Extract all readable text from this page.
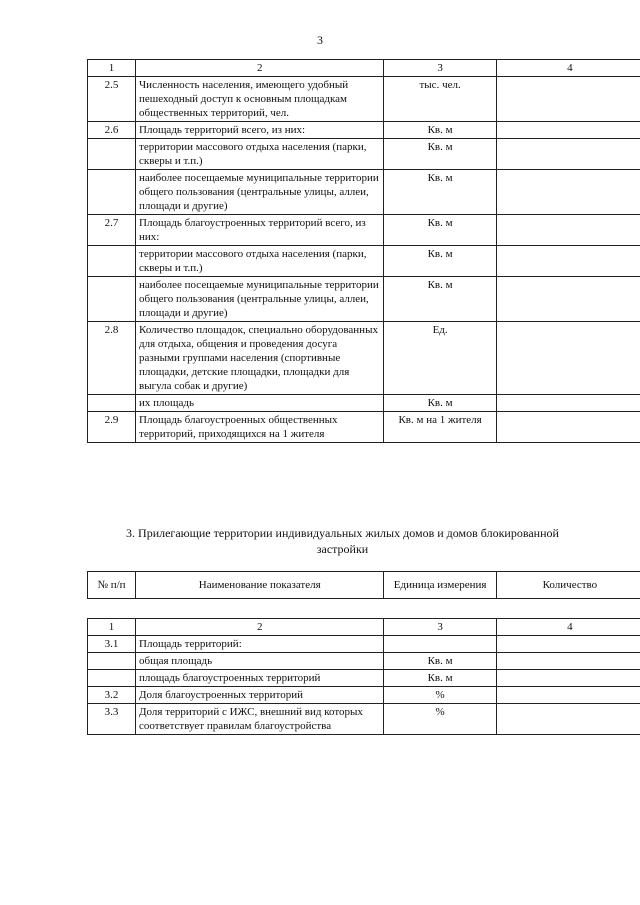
3
1	2	3	4
2.5	Численность населения, имеющего удобный пешеходный доступ к основным площадкам общественных территорий, чел.	тыс. чел.	
2.6	Площадь территорий всего, из них:	Кв. м	
	территории массового отдыха населения (парки, скверы и т.п.)	Кв. м	
	наиболее посещаемые муниципальные территории общего пользования (центральные улицы, аллеи, площади и другие)	Кв. м	
2.7	Площадь благоустроенных территорий всего, из них:	Кв. м	
	территории массового отдыха населения (парки, скверы и т.п.)	Кв. м	
	наиболее посещаемые муниципальные территории общего пользования (центральные улицы, аллеи, площади и другие)	Кв. м	
2.8	Количество площадок, специально оборудованных для отдыха, общения и проведения досуга разными группами населения (спортивные площадки, детские площадки, площадки для выгула собак и другие)	Ед.	
	их площадь	Кв. м	
2.9	Площадь благоустроенных общественных территорий, приходящихся на 1 жителя	Кв. м на 1 жителя	
3. Прилегающие территории индивидуальных жилых домов и домов блокированной застройки
№ п/п	Наименование показателя	Единица измерения	Количество
1	2	3	4
3.1	Площадь территорий:		
	общая площадь	Кв. м	
	площадь благоустроенных территорий	Кв. м	
3.2	Доля благоустроенных территорий	%	
3.3	Доля территорий с ИЖС, внешний вид которых соответствует правилам благоустройства	%	
